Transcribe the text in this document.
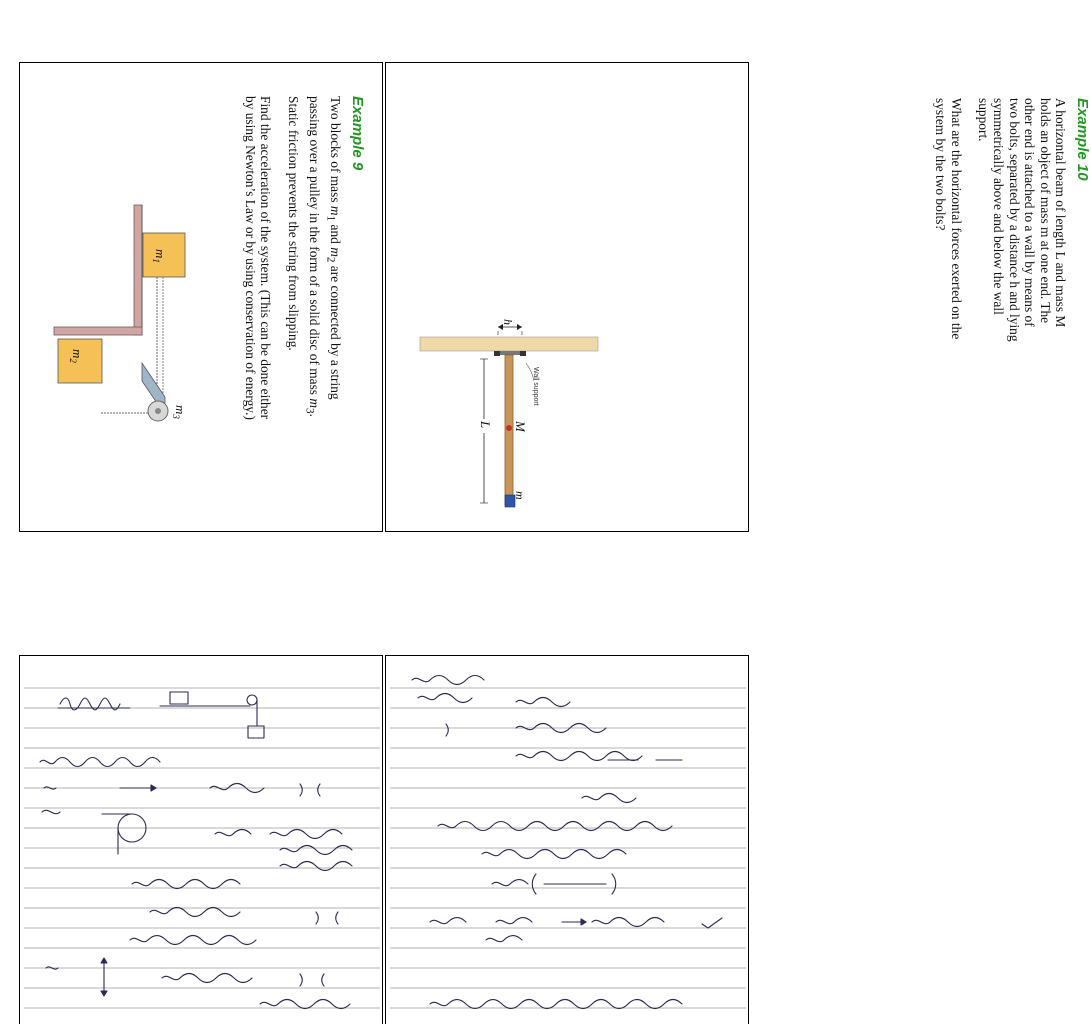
Example 9

Two blocks of mass $m_1$ and $m_2$ are connected by a string passing over a pulley in the form of a solid disc of mass $m_3$. Static friction prevents the string from slipping.

Find the acceleration of the system. (This can be done either by using Newton’s Law or by using conservation of energy.)

$m_1$
$m_3$
$m_2$
Example 10

A horizontal beam of length L and mass M holds an object of mass m at one end. The other end is attached to a wall by means of two bolts, separated by a distance h and lying symmetrically above and below the wall support.

What are the horizontal forces exerted on the system by the two bolts?

h
Wall support
M
L
m
